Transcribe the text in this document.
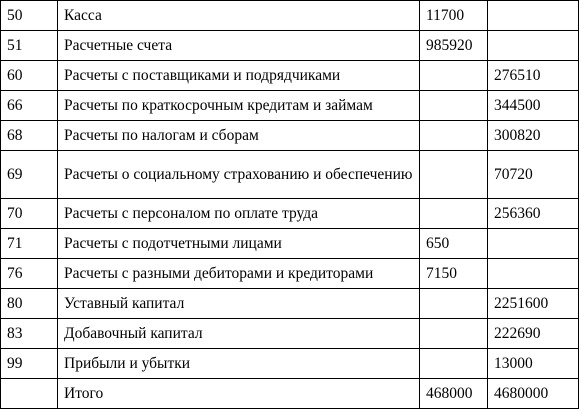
50	Касса	11700	
51	Расчетные счета	985920	
60	Расчеты с поставщиками и подрядчиками		276510
66	Расчеты по краткосрочным кредитам и займам		344500
68	Расчеты по налогам и сборам		300820
69	Расчеты о социальному страхованию и обеспечению		70720
70	Расчеты с персоналом по оплате труда		256360
71	Расчеты с подотчетными лицами	650	
76	Расчеты с разными дебиторами и кредиторами	7150	
80	Уставный капитал		2251600
83	Добавочный капитал		222690
99	Прибыли и убытки		13000
	Итого	468000	4680000
